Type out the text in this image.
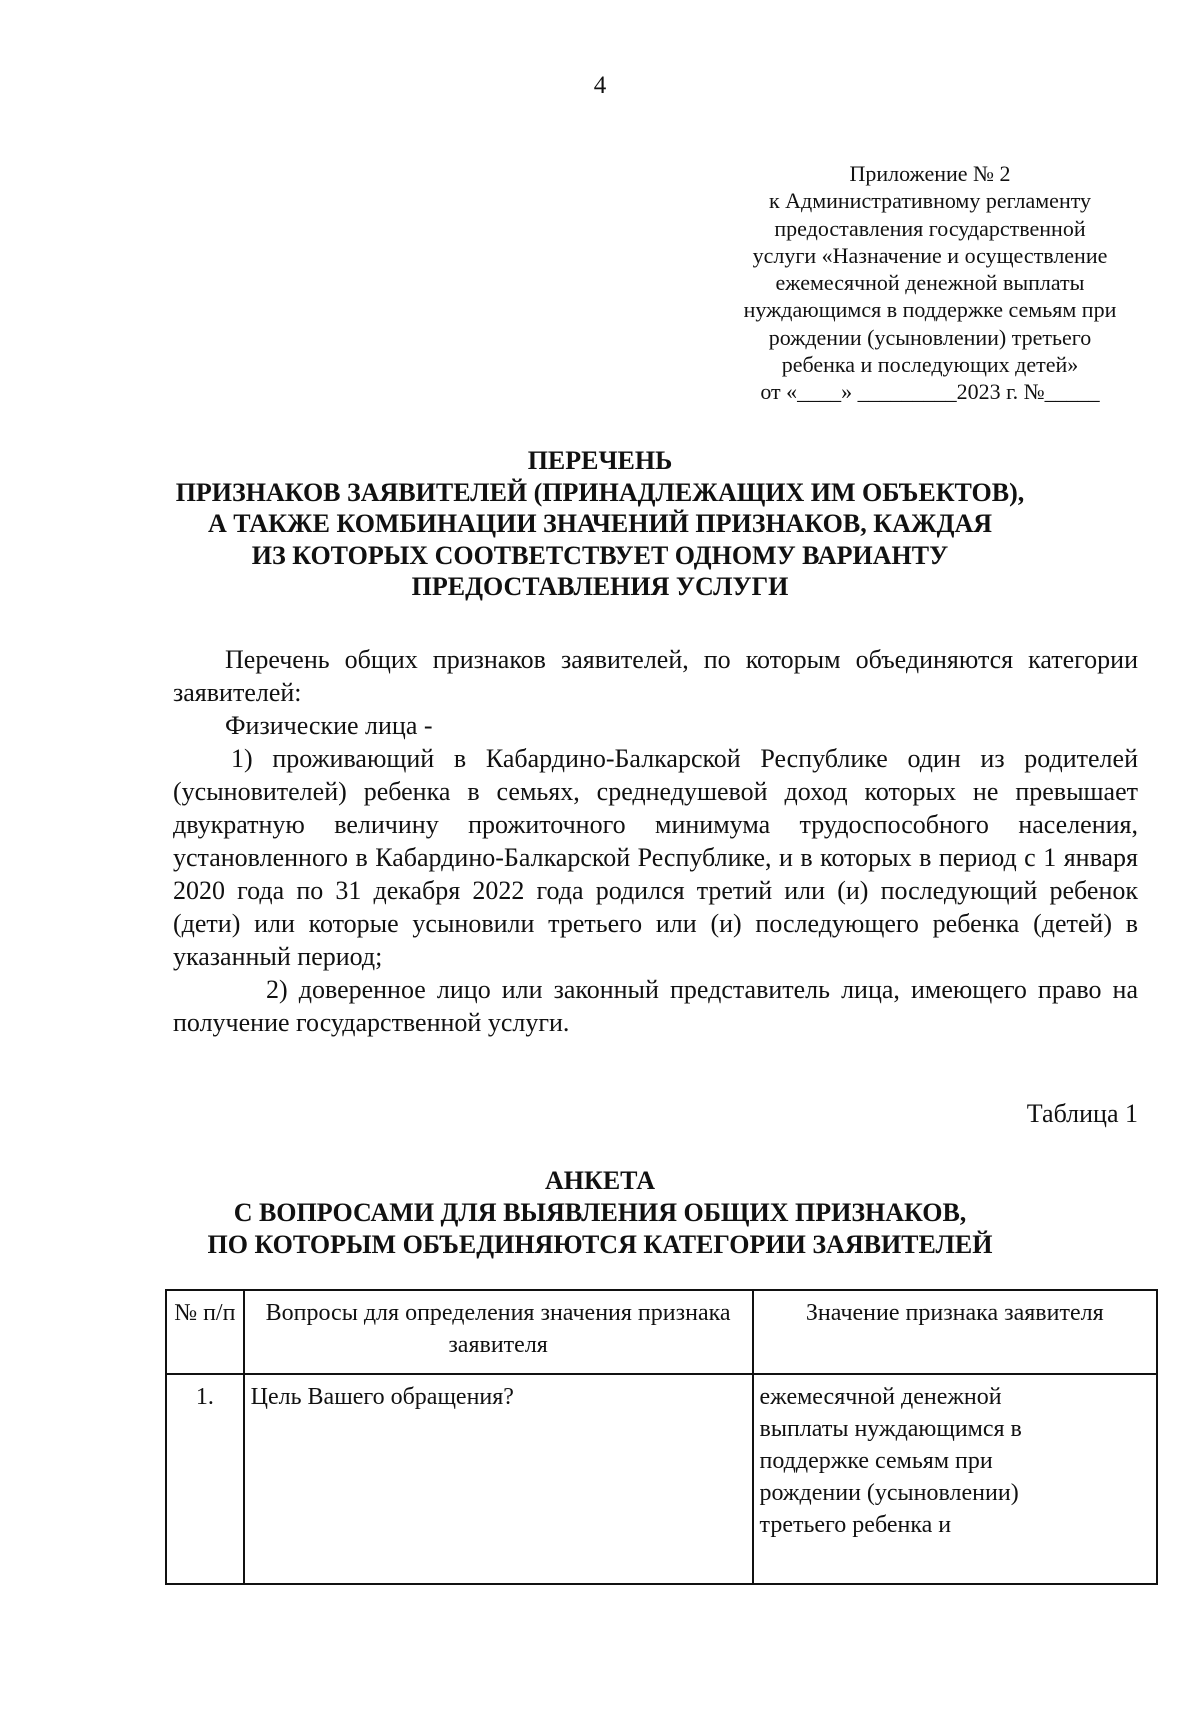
4
Приложение № 2
к Административному регламенту
предоставления государственной
услуги «Назначение и осуществление
ежемесячной денежной выплаты
нуждающимся в поддержке семьям при
рождении (усыновлении) третьего
ребенка и последующих детей»
от «____» _________2023 г. №_____
ПЕРЕЧЕНЬ
ПРИЗНАКОВ ЗАЯВИТЕЛЕЙ (ПРИНАДЛЕЖАЩИХ ИМ ОБЪЕКТОВ),
А ТАКЖЕ КОМБИНАЦИИ ЗНАЧЕНИЙ ПРИЗНАКОВ, КАЖДАЯ
ИЗ КОТОРЫХ СООТВЕТСТВУЕТ ОДНОМУ ВАРИАНТУ
ПРЕДОСТАВЛЕНИЯ УСЛУГИ

Перечень общих признаков заявителей, по которым объединяются категории заявителей:

Физические лица -

1) проживающий в Кабардино-Балкарской Республике один из родителей (усыновителей) ребенка в семьях, среднедушевой доход которых не превышает двукратную величину прожиточного минимума трудоспособного населения, установленного в Кабардино-Балкарской Республике, и в которых в период с 1 января 2020 года по 31 декабря 2022 года родился третий или (и) последующий ребенок (дети) или которые усыновили третьего или (и) последующего ребенка (детей) в указанный период;

2) доверенное лицо или законный представитель лица, имеющего право на получение государственной услуги.

Таблица 1
АНКЕТА
С ВОПРОСАМИ ДЛЯ ВЫЯВЛЕНИЯ ОБЩИХ ПРИЗНАКОВ,
ПО КОТОРЫМ ОБЪЕДИНЯЮТСЯ КАТЕГОРИИ ЗАЯВИТЕЛЕЙ
№ п/п	Вопросы для определения значения признака заявителя	Значение признака заявителя
1.	Цель Вашего обращения?	ежемесячной денежной
выплаты нуждающимся в
поддержке семьям при
рождении (усыновлении)
третьего ребенка и
